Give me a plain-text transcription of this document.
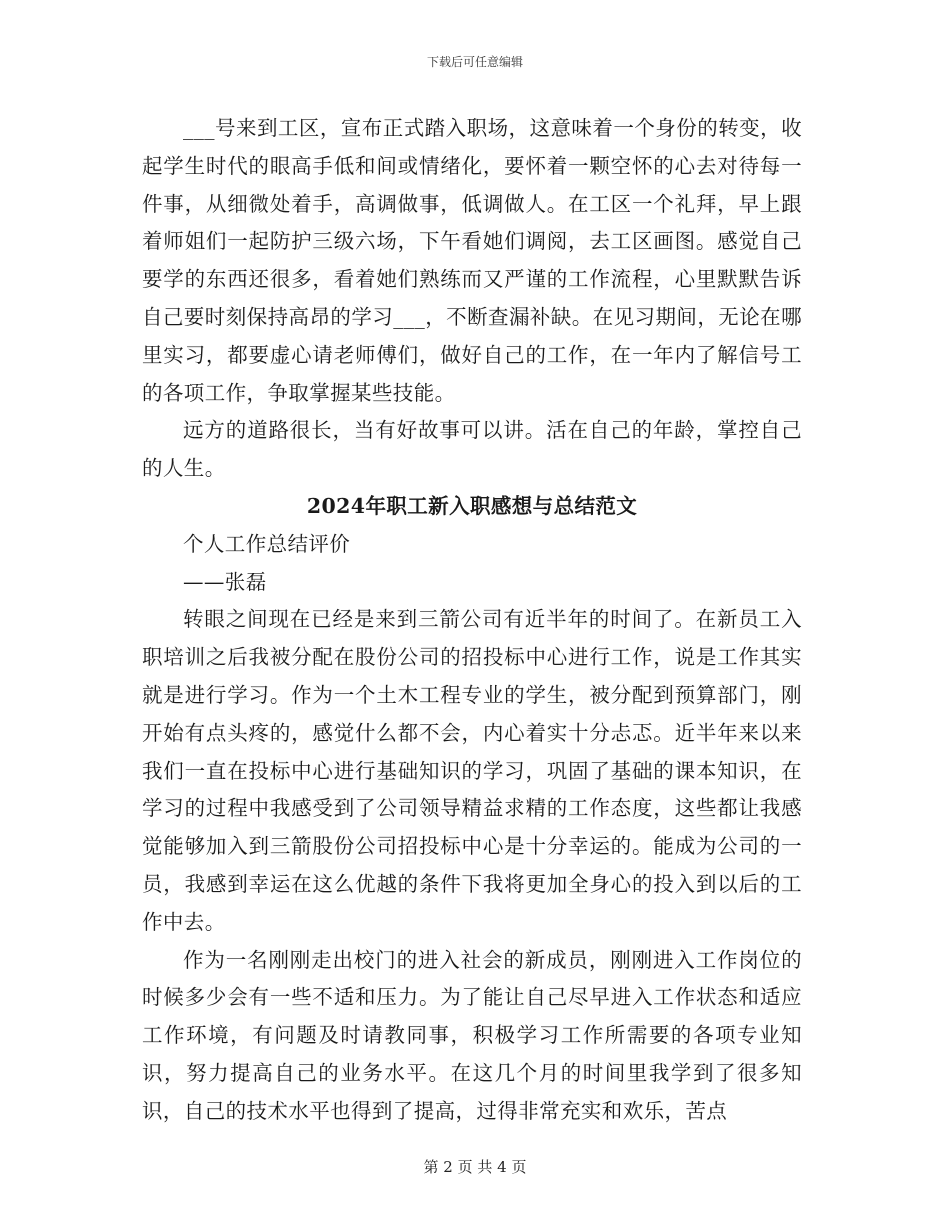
下载后可任意编辑

___号来到工区，宣布正式踏入职场，这意味着一个身份的转变，收起学生时代的眼高手低和间或情绪化，要怀着一颗空怀的心去对待每一件事，从细微处着手，高调做事，低调做人。在工区一个礼拜，早上跟着师姐们一起防护三级六场，下午看她们调阅，去工区画图。感觉自己要学的东西还很多，看着她们熟练而又严谨的工作流程，心里默默告诉自己要时刻保持高昂的学习___，不断查漏补缺。在见习期间，无论在哪里实习，都要虚心请老师傅们，做好自己的工作，在一年内了解信号工的各项工作，争取掌握某些技能。

远方的道路很长，当有好故事可以讲。活在自己的年龄，掌控自己的人生。

2024年职工新入职感想与总结范文

个人工作总结评价

——张磊

转眼之间现在已经是来到三箭公司有近半年的时间了。在新员工入职培训之后我被分配在股份公司的招投标中心进行工作，说是工作其实就是进行学习。作为一个土木工程专业的学生，被分配到预算部门，刚开始有点头疼的，感觉什么都不会，内心着实十分忐忑。近半年来以来我们一直在投标中心进行基础知识的学习，巩固了基础的课本知识，在学习的过程中我感受到了公司领导精益求精的工作态度，这些都让我感觉能够加入到三箭股份公司招投标中心是十分幸运的。能成为公司的一员，我感到幸运在这么优越的条件下我将更加全身心的投入到以后的工作中去。

作为一名刚刚走出校门的进入社会的新成员，刚刚进入工作岗位的时候多少会有一些不适和压力。为了能让自己尽早进入工作状态和适应工作环境，有问题及时请教同事，积极学习工作所需要的各项专业知识，努力提高自己的业务水平。在这几个月的时间里我学到了很多知识，自己的技术水平也得到了提高，过得非常充实和欢乐，苦点

第 2 页 共 4 页
